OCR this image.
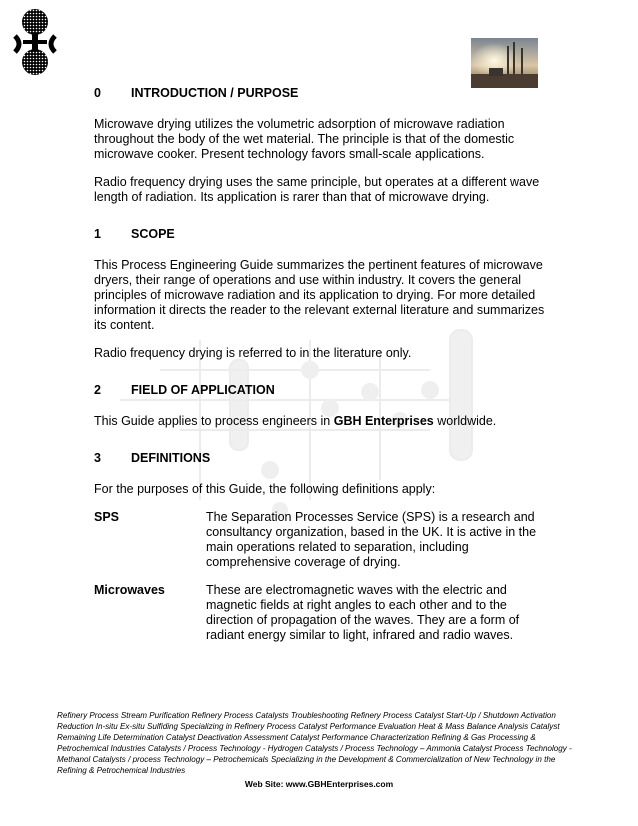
0 INTRODUCTION / PURPOSE

Microwave drying utilizes the volumetric adsorption of microwave radiation throughout the body of the wet material. The principle is that of the domestic microwave cooker. Present technology favors small-scale applications.

Radio frequency drying uses the same principle, but operates at a different wave length of radiation. Its application is rarer than that of microwave drying.

1 SCOPE

This Process Engineering Guide summarizes the pertinent features of microwave dryers, their range of operations and use within industry. It covers the general principles of microwave radiation and its application to drying. For more detailed information it directs the reader to the relevant external literature and summarizes its content.

Radio frequency drying is referred to in the literature only.

2 FIELD OF APPLICATION

This Guide applies to process engineers in GBH Enterprises worldwide.

3 DEFINITIONS

For the purposes of this Guide, the following definitions apply:

SPS	The Separation Processes Service (SPS) is a research and consultancy organization, based in the UK. It is active in the main operations related to separation, including comprehensive coverage of drying.
Microwaves	These are electromagnetic waves with the electric and magnetic fields at right angles to each other and to the direction of propagation of the waves. They are a form of radiant energy similar to light, infrared and radio waves.
Refinery Process Stream Purification Refinery Process Catalysts Troubleshooting Refinery Process Catalyst Start-Up / Shutdown Activation Reduction In-situ Ex-situ Sulfiding Specializing in Refinery Process Catalyst Performance Evaluation Heat & Mass Balance Analysis Catalyst Remaining Life Determination Catalyst Deactivation Assessment Catalyst Performance Characterization Refining & Gas Processing & Petrochemical Industries Catalysts / Process Technology - Hydrogen Catalysts / Process Technology – Ammonia Catalyst Process Technology - Methanol Catalysts / process Technology – Petrochemicals Specializing in the Development & Commercialization of New Technology in the Refining & Petrochemical Industries
Web Site: www.GBHEnterprises.com
